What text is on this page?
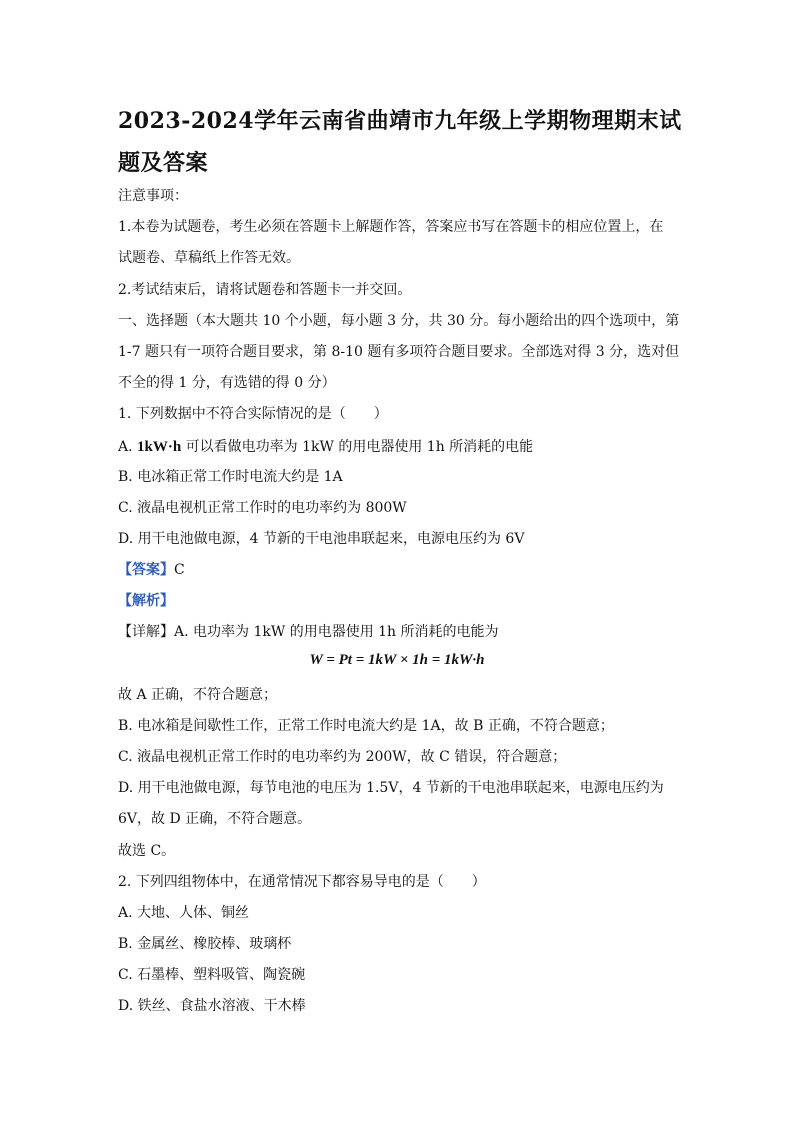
2023-2024学年云南省曲靖市九年级上学期物理期末试题及答案
注意事项：
1.本卷为试题卷，考生必须在答题卡上解题作答，答案应书写在答题卡的相应位置上，在
试题卷、草稿纸上作答无效。
2.考试结束后，请将试题卷和答题卡一并交回。
一、选择题（本大题共 10 个小题，每小题 3 分，共 30 分。每小题给出的四个选项中，第
1-7 题只有一项符合题目要求，第 8-10 题有多项符合题目要求。全部选对得 3 分，选对但
不全的得 1 分，有选错的得 0 分）
1. 下列数据中不符合实际情况的是（　　）
A. 1kW·h 可以看做电功率为 1kW 的用电器使用 1h 所消耗的电能
B. 电冰箱正常工作时电流大约是 1A
C. 液晶电视机正常工作时的电功率约为 800W
D. 用干电池做电源，4 节新的干电池串联起来，电源电压约为 6V
【答案】C
【解析】
【详解】A. 电功率为 1kW 的用电器使用 1h 所消耗的电能为
W = Pt = 1kW × 1h = 1kW·h
故 A 正确，不符合题意；
B. 电冰箱是间歇性工作，正常工作时电流大约是 1A，故 B 正确，不符合题意；
C. 液晶电视机正常工作时的电功率约为 200W，故 C 错误，符合题意；
D. 用干电池做电源，每节电池的电压为 1.5V，4 节新的干电池串联起来，电源电压约为
6V，故 D 正确，不符合题意。
故选 C。
2. 下列四组物体中，在通常情况下都容易导电的是（　　）
A. 大地、人体、铜丝
B. 金属丝、橡胶棒、玻璃杯
C. 石墨棒、塑料吸管、陶瓷碗
D. 铁丝、食盐水溶液、干木棒
